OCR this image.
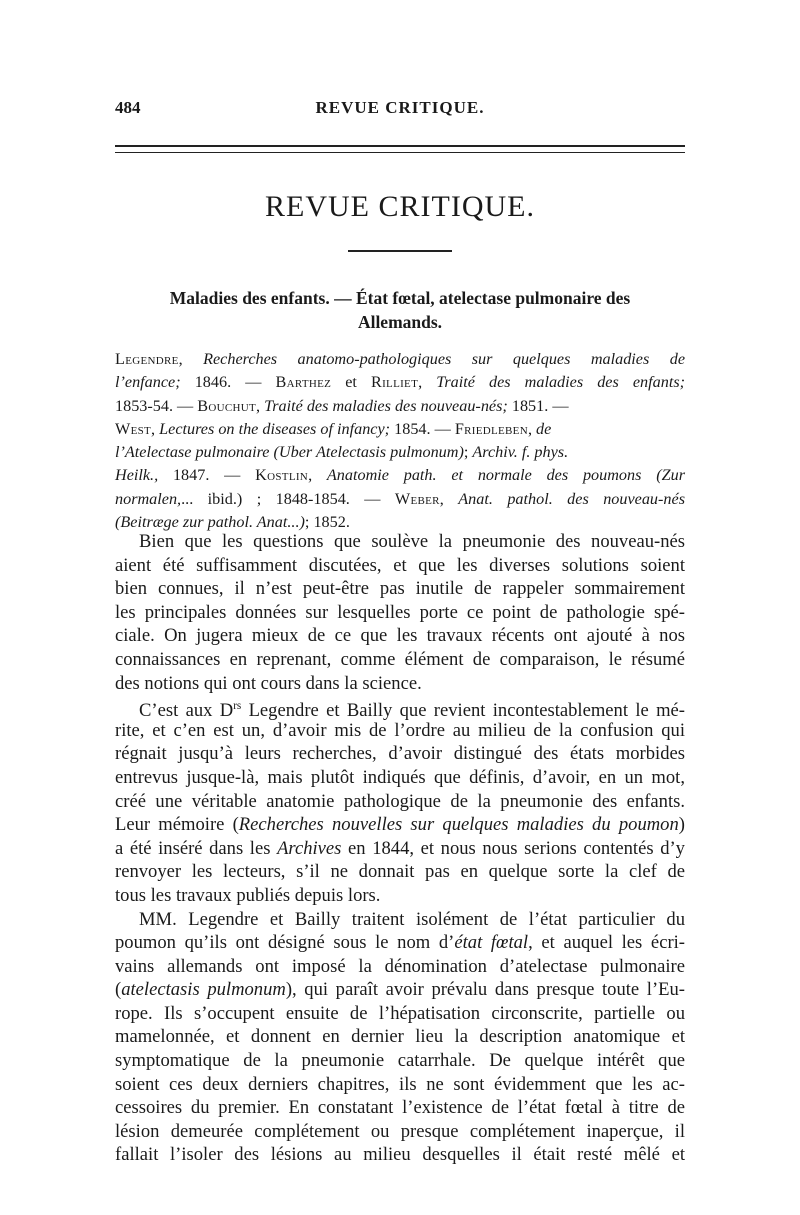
484	REVUE CRITIQUE.
REVUE CRITIQUE.
Maladies des enfants. — État fœtal, atelectase pulmonaire des
Allemands.
Legendre, Recherches anatomo-pathologiques sur quelques maladies de
l’enfance; 1846. — Barthez et Rilliet, Traité des maladies des enfants;
1853-54. — Bouchut, Traité des maladies des nouveau-nés; 1851. —
West, Lectures on the diseases of infancy; 1854. — Friedleben, de
l’Atelectase pulmonaire (Uber Atelectasis pulmonum); Archiv. f. phys.
Heilk., 1847. — Kostlin, Anatomie path. et normale des poumons (Zur
normalen,... ibid.) ; 1848-1854. — Weber, Anat. pathol. des nouveau-nés
(Beitræge zur pathol. Anat...); 1852.
Bien que les questions que soulève la pneumonie des nouveau-nés
aient été suffisamment discutées, et que les diverses solutions soient
bien connues, il n’est peut-être pas inutile de rappeler sommairement
les principales données sur lesquelles porte ce point de pathologie spé-
ciale. On jugera mieux de ce que les travaux récents ont ajouté à nos
connaissances en reprenant, comme élément de comparaison, le résumé
des notions qui ont cours dans la science.
C’est aux $D^{rs}$ Legendre et Bailly que revient incontestablement le mé-
rite, et c’en est un, d’avoir mis de l’ordre au milieu de la confusion qui
régnait jusqu’à leurs recherches, d’avoir distingué des états morbides
entrevus jusque-là, mais plutôt indiqués que définis, d’avoir, en un mot,
créé une véritable anatomie pathologique de la pneumonie des enfants.
Leur mémoire (Recherches nouvelles sur quelques maladies du poumon)
a été inséré dans les Archives en 1844, et nous nous serions contentés d’y
renvoyer les lecteurs, s’il ne donnait pas en quelque sorte la clef de
tous les travaux publiés depuis lors.
MM. Legendre et Bailly traitent isolément de l’état particulier du
poumon qu’ils ont désigné sous le nom d’état fœtal, et auquel les écri-
vains allemands ont imposé la dénomination d’atelectase pulmonaire
(atelectasis pulmonum), qui paraît avoir prévalu dans presque toute l’Eu-
rope. Ils s’occupent ensuite de l’hépatisation circonscrite, partielle ou
mamelonnée, et donnent en dernier lieu la description anatomique et
symptomatique de la pneumonie catarrhale. De quelque intérêt que
soient ces deux derniers chapitres, ils ne sont évidemment que les ac-
cessoires du premier. En constatant l’existence de l’état fœtal à titre de
lésion demeurée complétement ou presque complétement inaperçue, il
fallait l’isoler des lésions au milieu desquelles il était resté mêlé et
